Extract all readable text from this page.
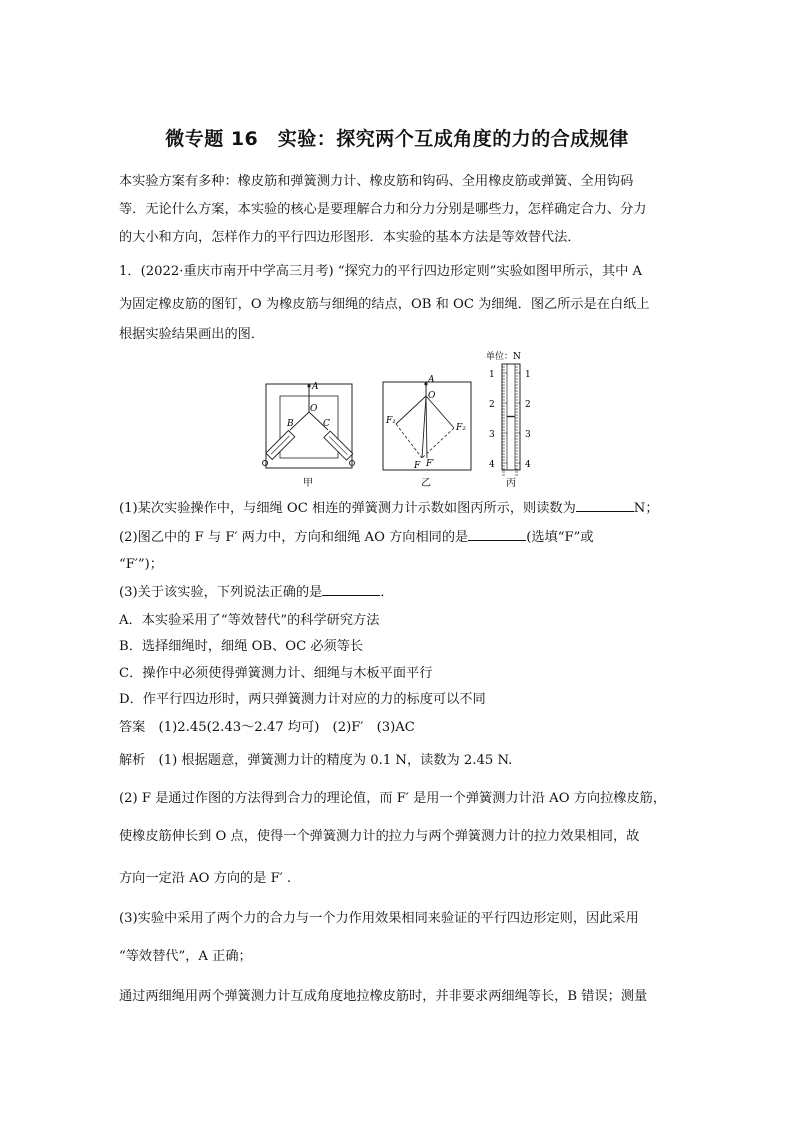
微专题 16　实验：探究两个互成角度的力的合成规律
本实验方案有多种：橡皮筋和弹簧测力计、橡皮筋和钩码、全用橡皮筋或弹簧、全用钩码
等．无论什么方案，本实验的核心是要理解合力和分力分别是哪些力，怎样确定合力、分力
的大小和方向，怎样作力的平行四边形图形．本实验的基本方法是等效替代法．
1．(2022·重庆市南开中学高三月考) “探究力的平行四边形定则”实验如图甲所示，其中 A
为固定橡皮筋的图钉，O 为橡皮筋与细绳的结点，OB 和 OC 为细绳．图乙所示是在白纸上
根据实验结果画出的图．
A
O
B	C
甲
A
O
F₁
F₂
F F′
乙
单位：N
1
2
3
4
1
2
3
4
丙
(1)某次实验操作中，与细绳 OC 相连的弹簧测力计示数如图丙所示，则读数为	N；
(2)图乙中的 F 与 F′ 两力中，方向和细绳 AO 方向相同的是	(选填“F”或
“F′”)；
(3)关于该实验，下列说法正确的是	．
A．本实验采用了“等效替代”的科学研究方法
B．选择细绳时，细绳 OB、OC 必须等长
C．操作中必须使得弹簧测力计、细绳与木板平面平行
D．作平行四边形时，两只弹簧测力计对应的力的标度可以不同
答案　(1)2.45(2.43～2.47 均可)　(2)F′　(3)AC
解析　(1) 根据题意，弹簧测力计的精度为 0.1 N，读数为 2.45 N.
(2) F 是通过作图的方法得到合力的理论值，而 F′ 是用一个弹簧测力计沿 AO 方向拉橡皮筋，
使橡皮筋伸长到 O 点，使得一个弹簧测力计的拉力与两个弹簧测力计的拉力效果相同，故
方向一定沿 AO 方向的是 F′ .
(3)实验中采用了两个力的合力与一个力作用效果相同来验证的平行四边形定则，因此采用
“等效替代”，A 正确；
通过两细绳用两个弹簧测力计互成角度地拉橡皮筋时，并非要求两细绳等长，B 错误；测量
